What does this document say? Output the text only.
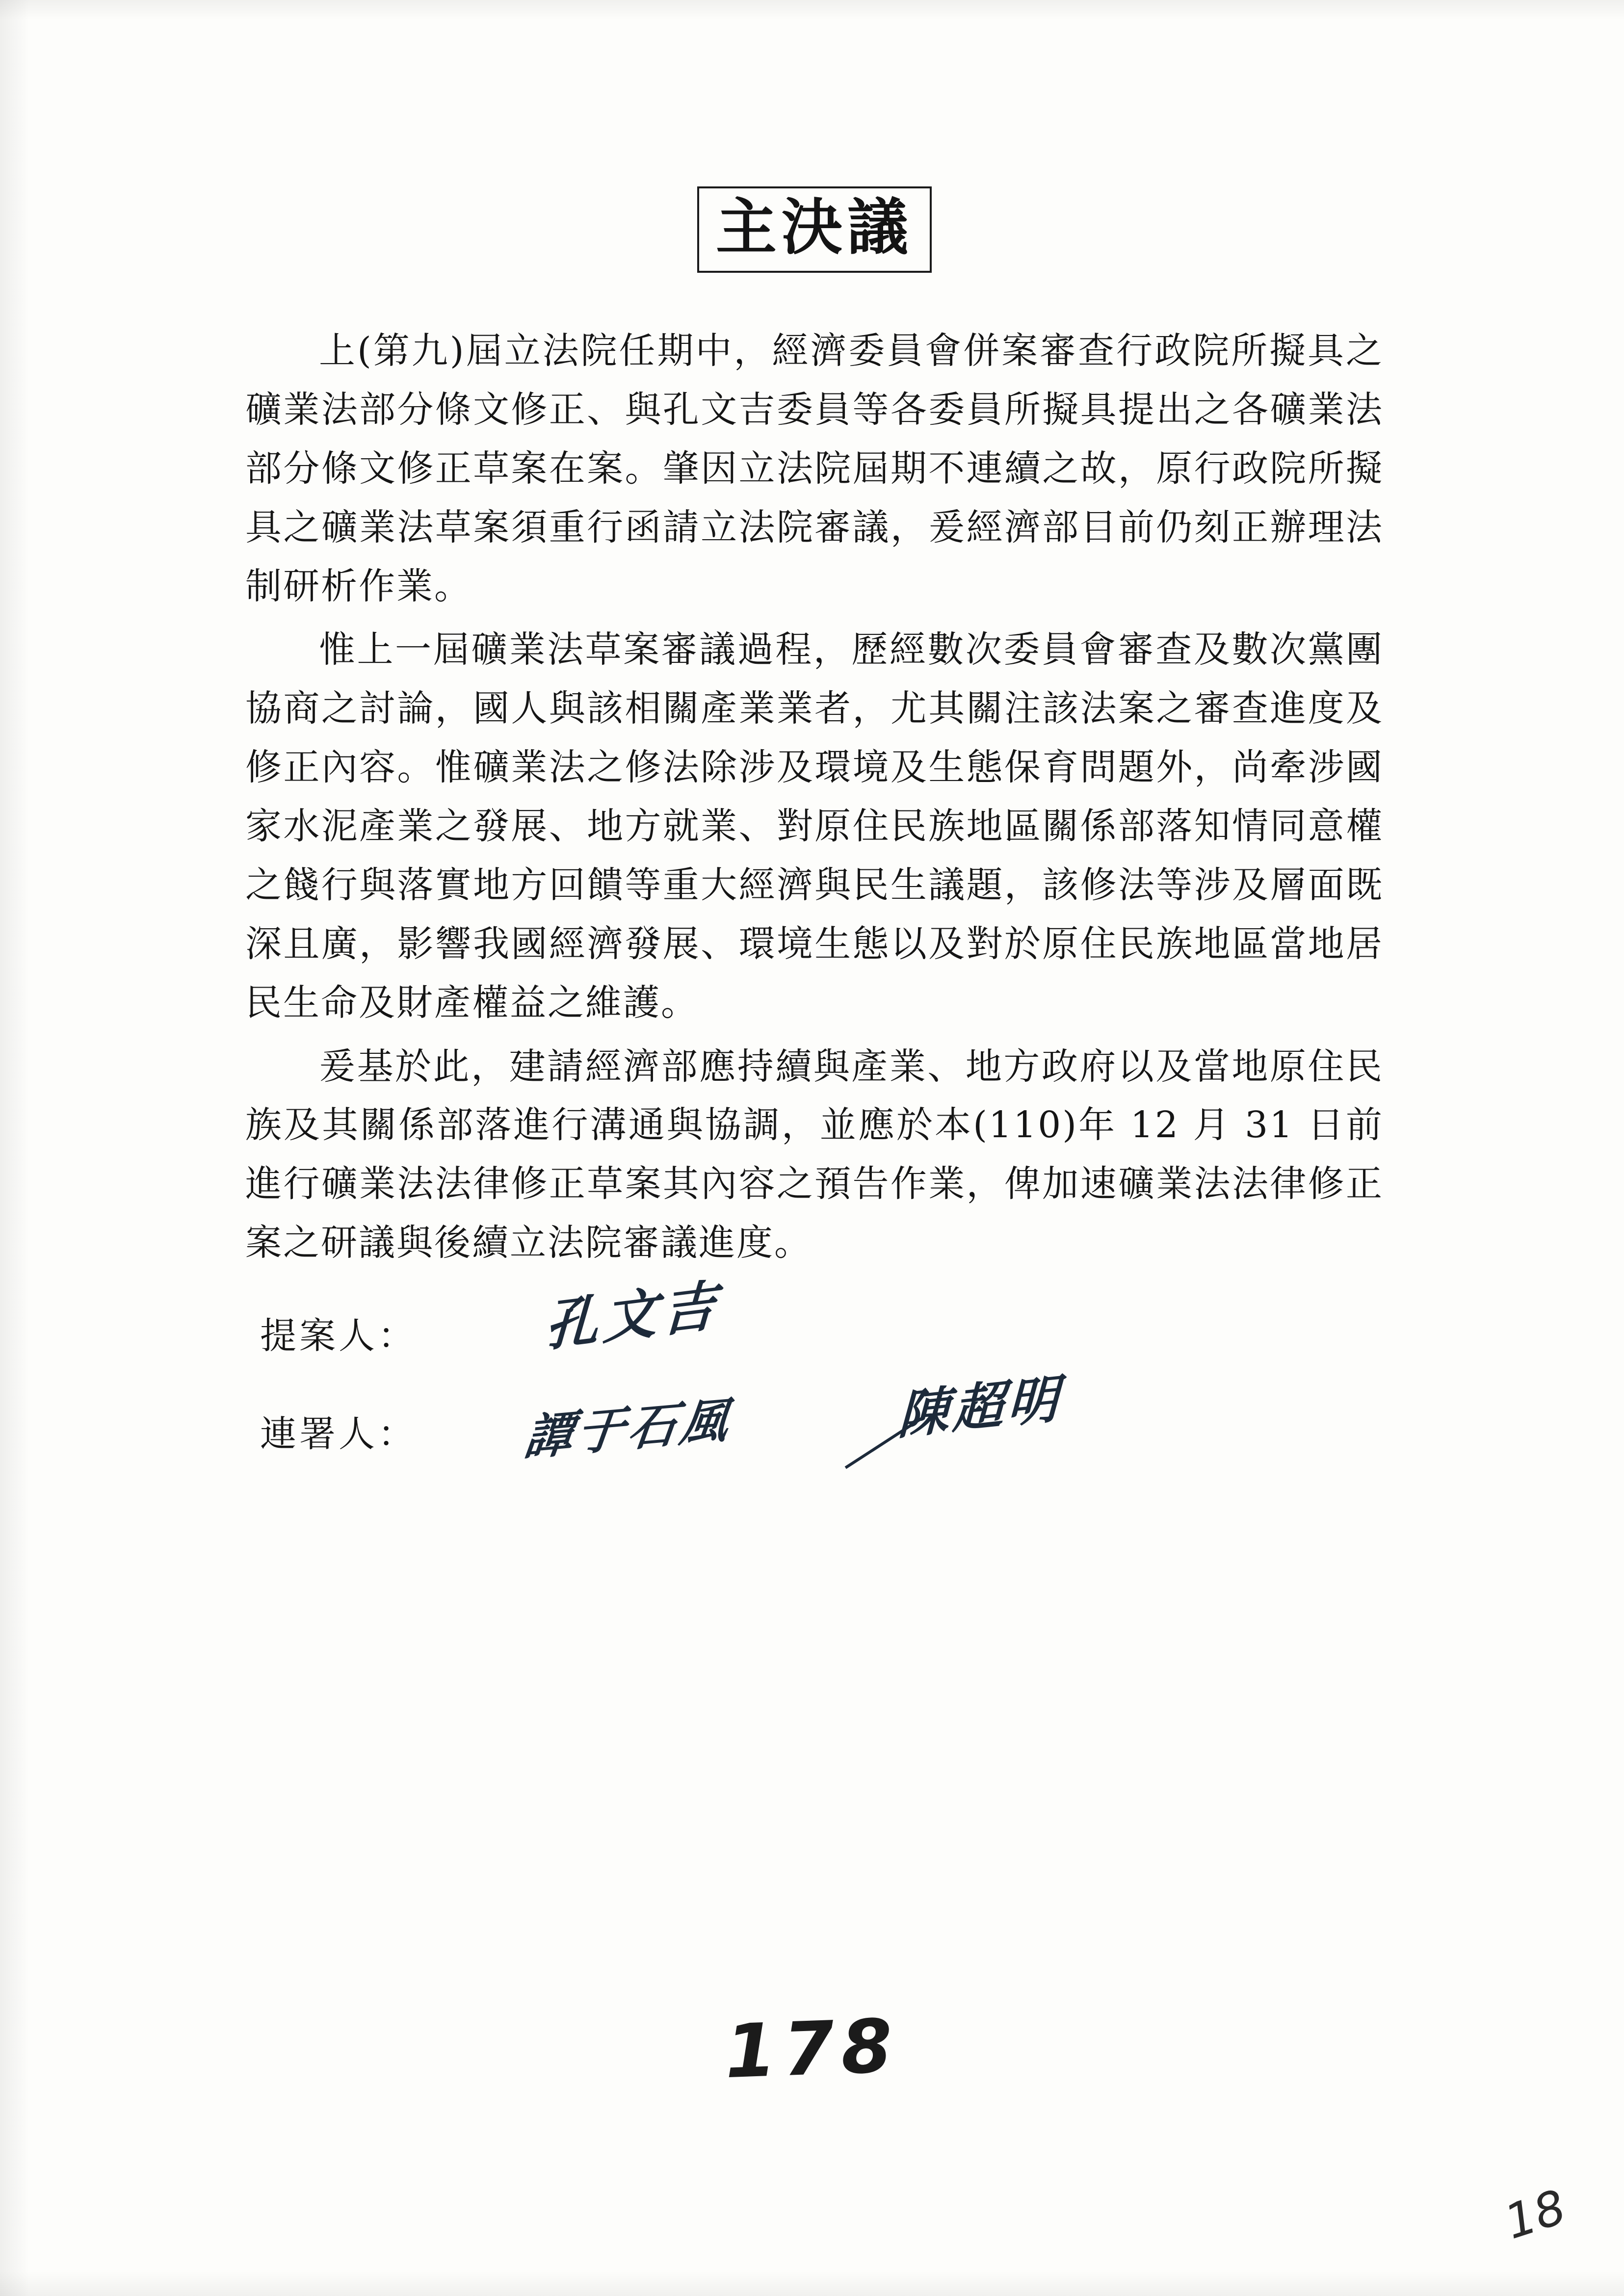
主決議

上(第九)屆立法院任期中，經濟委員會併案審查行政院所擬具之礦業法部分條文修正、與孔文吉委員等各委員所擬具提出之各礦業法部分條文修正草案在案。肇因立法院屆期不連續之故，原行政院所擬具之礦業法草案須重行函請立法院審議，爰經濟部目前仍刻正辦理法制研析作業。

惟上一屆礦業法草案審議過程，歷經數次委員會審查及數次黨團協商之討論，國人與該相關產業業者，尤其關注該法案之審查進度及修正內容。惟礦業法之修法除涉及環境及生態保育問題外，尚牽涉國家水泥產業之發展、地方就業、對原住民族地區關係部落知情同意權之餞行與落實地方回饋等重大經濟與民生議題，該修法等涉及層面既深且廣，影響我國經濟發展、環境生態以及對於原住民族地區當地居民生命及財產權益之維護。

爰基於此，建請經濟部應持續與產業、地方政府以及當地原住民族及其關係部落進行溝通與協調，並應於本(110)年 12 月 31 日前進行礦業法法律修正草案其內容之預告作業，俾加速礦業法法律修正案之研議與後續立法院審議進度。

提案人：	孔文吉
連署人：	譚于石風 ／
陳超明
178
18
